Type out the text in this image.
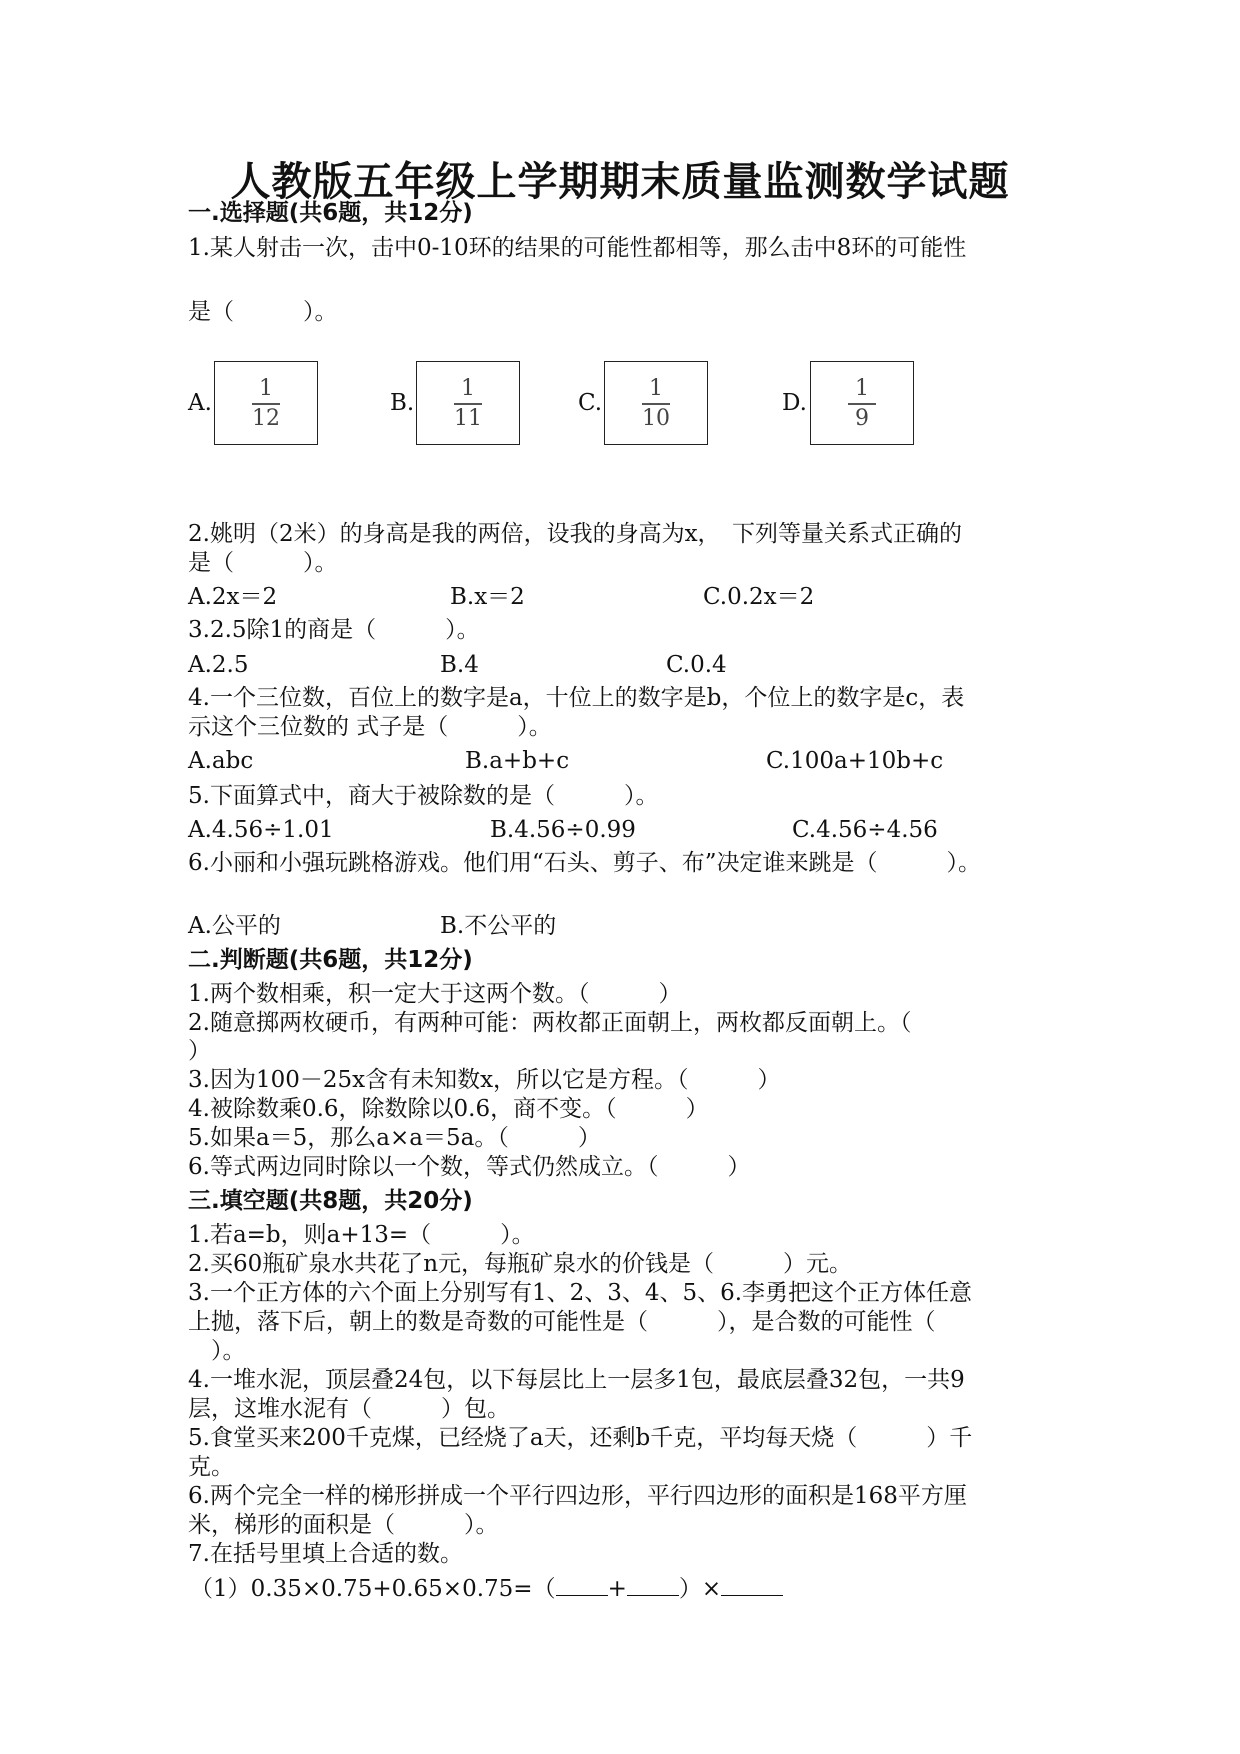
人教版五年级上学期期末质量监测数学试题
一.选择题(共6题，共12分)
1.某人射击一次，击中0-10环的结果的可能性都相等，那么击中8环的可能性
是（　　　）。
A.
1
12
B.
1
11
C.
1
10
D.
1
9
2.姚明（2米）的身高是我的两倍，设我的身高为x，　下列等量关系式正确的
是（　　　）。
A.2x＝2	B.x＝2	C.0.2x＝2
3.2.5除1的商是（　　　）。
A.2.5	B.4	C.0.4
4.一个三位数，百位上的数字是a，十位上的数字是b，个位上的数字是c，表
示这个三位数的 式子是（　　　）。
A.abc	B.a+b+c	C.100a+10b+c
5.下面算式中，商大于被除数的是（　　　）。
A.4.56÷1.01	B.4.56÷0.99	C.4.56÷4.56
6.小丽和小强玩跳格游戏。他们用“石头、剪子、布”决定谁来跳是（　　　）。
A.公平的	B.不公平的
二.判断题(共6题，共12分)
1.两个数相乘，积一定大于这两个数。（　　　）
2.随意掷两枚硬币，有两种可能：两枚都正面朝上，两枚都反面朝上。（
）
3.因为100－25x含有未知数x，所以它是方程。（　　　）
4.被除数乘0.6，除数除以0.6，商不变。（　　　）
5.如果a＝5，那么a×a＝5a。（　　　）
6.等式两边同时除以一个数，等式仍然成立。（　　　）
三.填空题(共8题，共20分)
1.若a=b，则a+13=（　　　）。
2.买60瓶矿泉水共花了n元，每瓶矿泉水的价钱是（　　　）元。
3.一个正方体的六个面上分别写有1、2、3、4、5、6.李勇把这个正方体任意
上抛，落下后，朝上的数是奇数的可能性是（　　　），是合数的可能性（
　）。
4.一堆水泥，顶层叠24包，以下每层比上一层多1包，最底层叠32包，一共9
层，这堆水泥有（　　　）包。
5.食堂买来200千克煤，已经烧了a天，还剩b千克，平均每天烧（　　　）千
克。
6.两个完全一样的梯形拼成一个平行四边形，平行四边形的面积是168平方厘
米，梯形的面积是（　　　）。
7.在括号里填上合适的数。
（1）0.35×0.75+0.65×0.75=（ + ）×
